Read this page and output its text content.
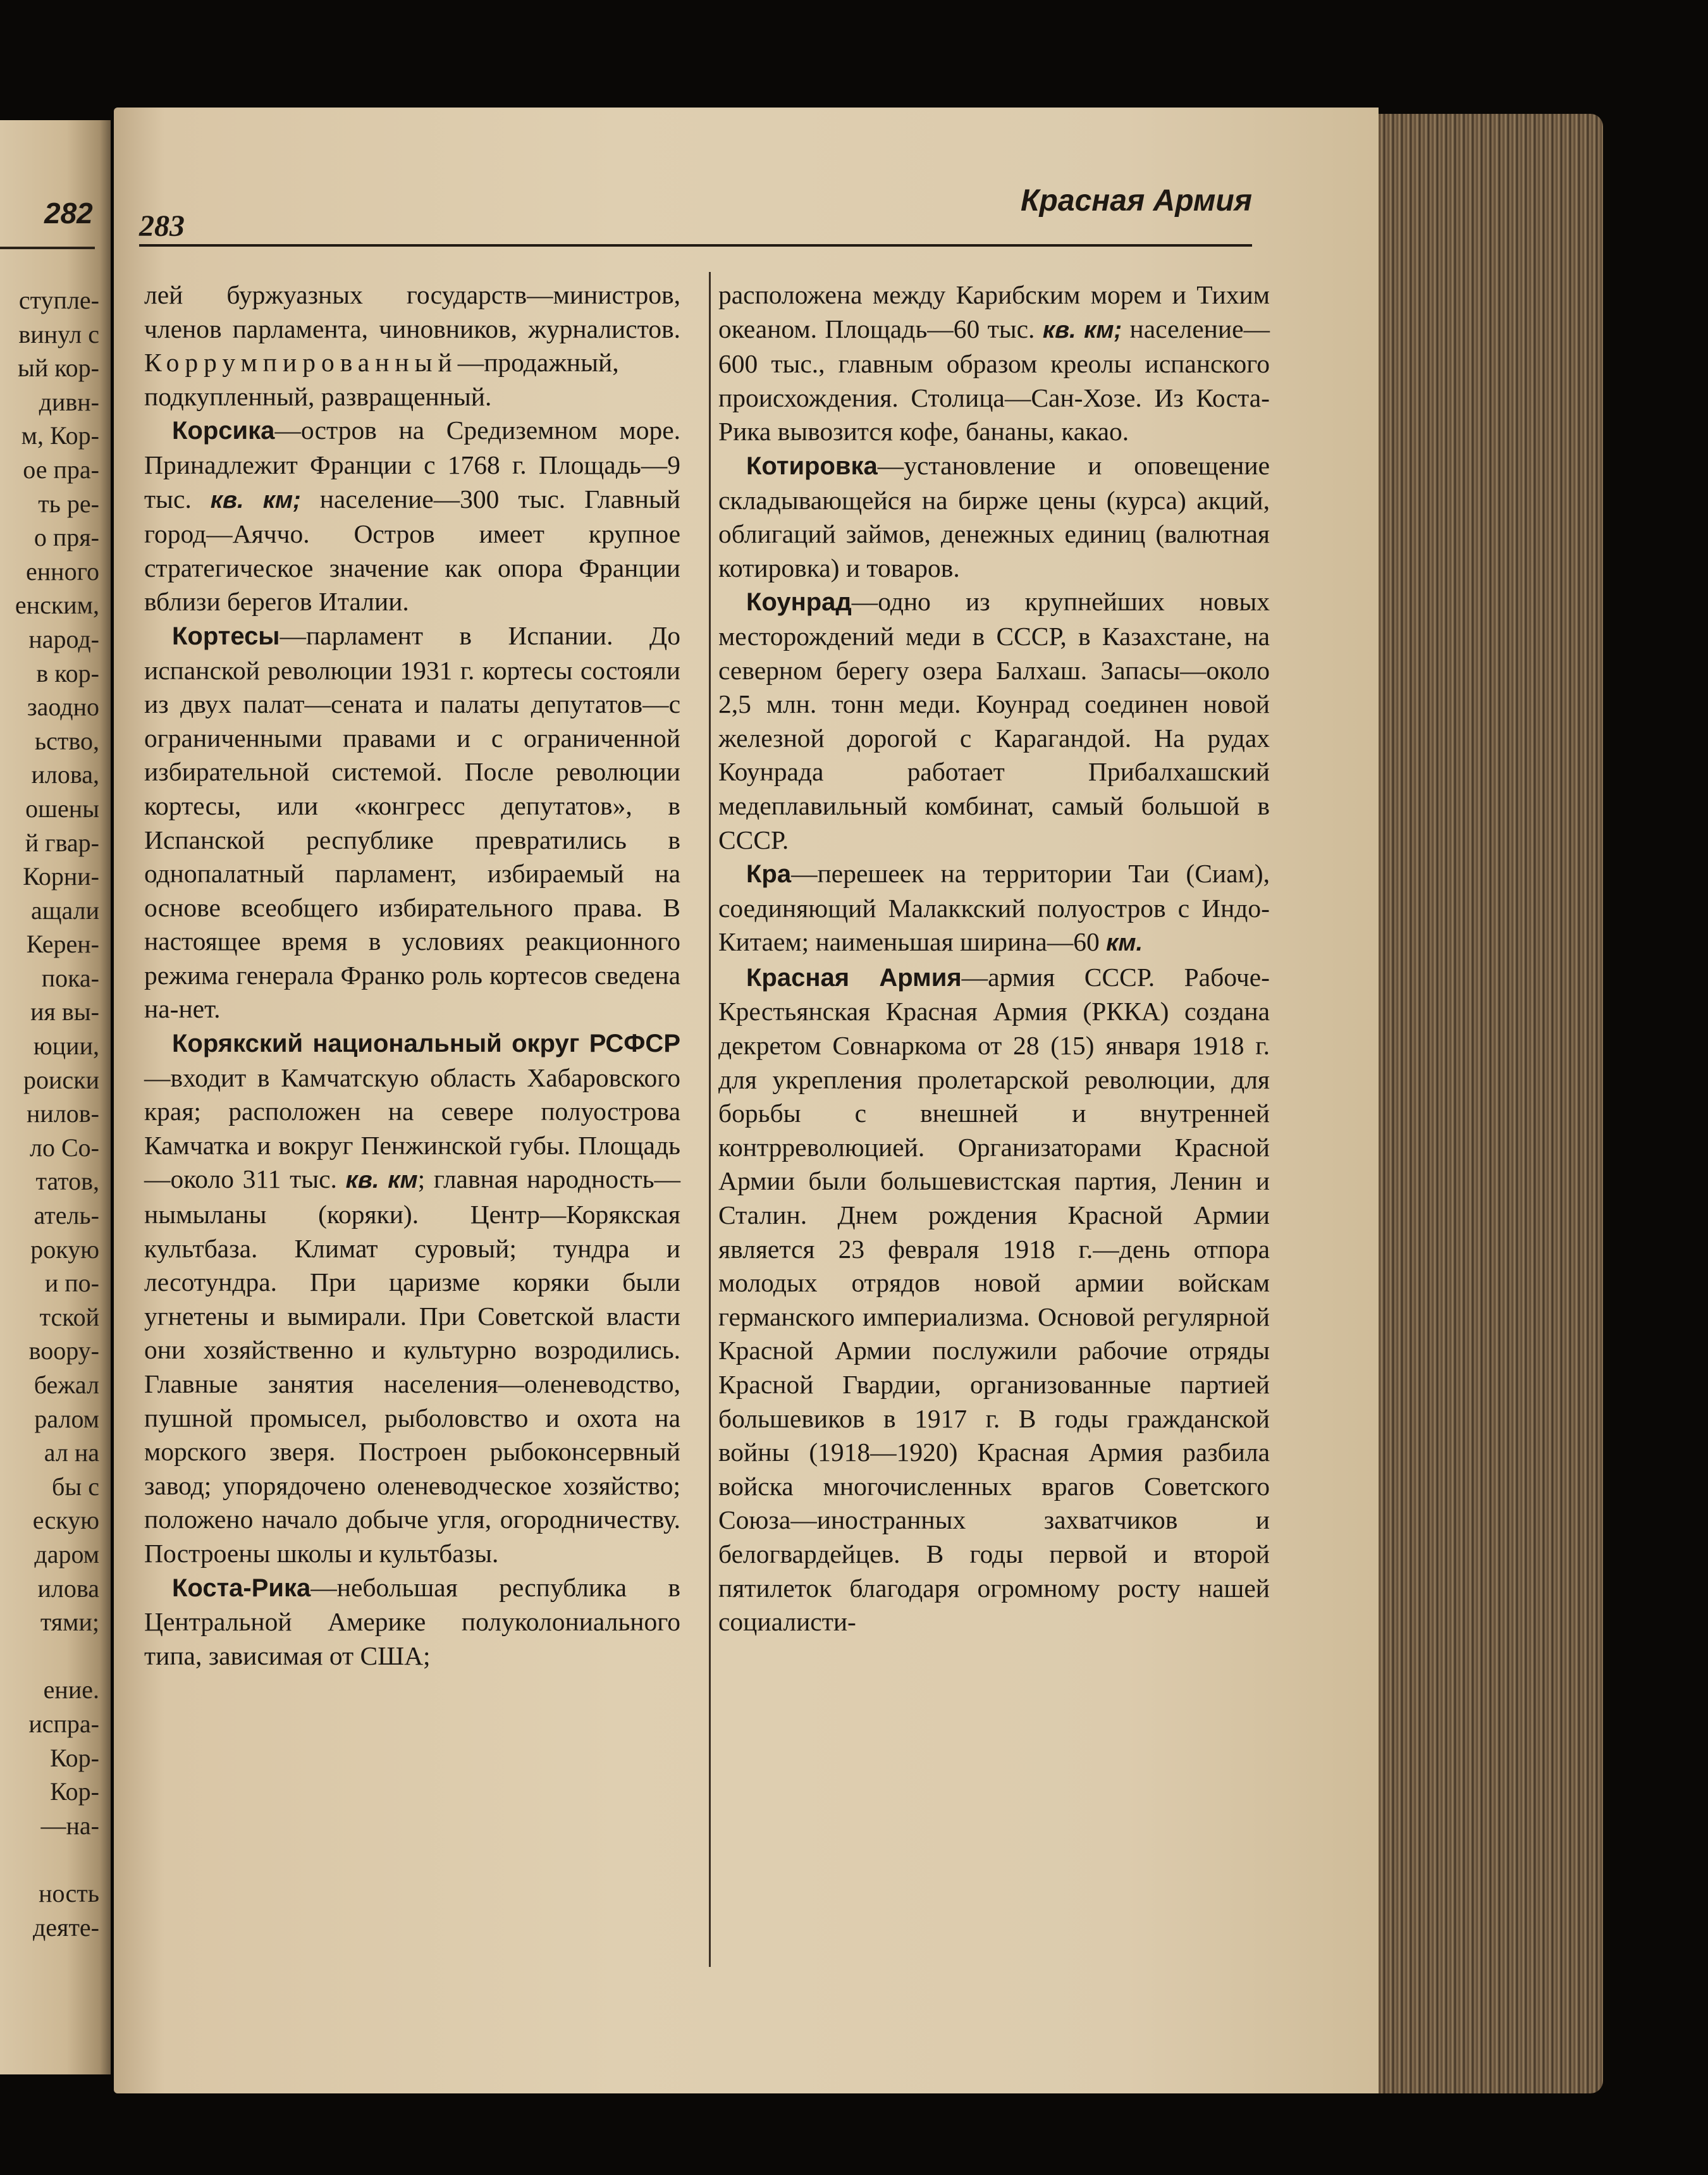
282
ступле-
винул с
ый кор-
дивн-
м, Кор-
ое пра-
ть ре-
о пря-
енного
енским,
народ-
в кор-
заодно
ьство,
илова,
ошены
й гвар-
Корни-
ащали
Керен-
пока-
ия вы-
юции,
роиски
нилов-
ло Со-
татов,
атель-
рокую
и по-
тской
воору-
бежал
ралом
ал на
бы с
ескую
даром
илова
тями;

ение.
испра-
Кор-
Кор-
—на-

ность
деяте-
283
Красная Армия

лей буржуазных государств—министров, членов парламента, чиновников, журналистов. Коррумпированный—продажный, подкупленный, развращенный.

Корсика—остров на Средиземном море. Принадлежит Франции с 1768 г. Площадь—9 тыс. кв. км; население—300 тыс. Главный город—Аяччо. Остров имеет крупное стратегическое значение как опора Франции вблизи берегов Италии.

Кортесы—парламент в Испании. До испанской революции 1931 г. кортесы состояли из двух палат—сената и палаты депутатов—с ограниченными правами и с ограниченной избирательной системой. После революции кортесы, или «конгресс депутатов», в Испанской республике превратились в однопалатный парламент, избираемый на основе всеобщего избирательного права. В настоящее время в условиях реакционного режима генерала Франко роль кортесов сведена на-нет.

Корякский национальный округ РСФСР—входит в Камчатскую область Хабаровского края; расположен на севере полуострова Камчатка и вокруг Пенжинской губы. Площадь—около 311 тыс. кв. км; главная народность—нымыланы (коряки). Центр—Корякская культбаза. Климат суровый; тундра и лесотундра. При царизме коряки были угнетены и вымирали. При Советской власти они хозяйственно и культурно возродились. Главные занятия населения—оленеводство, пушной промысел, рыболовство и охота на морского зверя. Построен рыбоконсервный завод; упорядочено оленеводческое хозяйство; положено начало добыче угля, огородничеству. Построены школы и культбазы.

Коста-Рика—небольшая республика в Центральной Америке полуколониального типа, зависимая от США;

расположена между Карибским морем и Тихим океаном. Площадь—60 тыс. кв. км; население—600 тыс., главным образом креолы испанского происхождения. Столица—Сан-Хозе. Из Коста-Рика вывозится кофе, бананы, какао.

Котировка—установление и оповещение складывающейся на бирже цены (курса) акций, облигаций займов, денежных единиц (валютная котировка) и товаров.

Коунрад—одно из крупнейших новых месторождений меди в СССР, в Казахстане, на северном берегу озера Балхаш. Запасы—около 2,5 млн. тонн меди. Коунрад соединен новой железной дорогой с Карагандой. На рудах Коунрада работает Прибалхашский медеплавильный комбинат, самый большой в СССР.

Кра—перешеек на территории Таи (Сиам), соединяющий Малаккский полуостров с Индо-Китаем; наименьшая ширина—60 км.

Красная Армия—армия СССР. Рабоче-Крестьянская Красная Армия (РККА) создана декретом Совнаркома от 28 (15) января 1918 г. для укрепления пролетарской революции, для борьбы с внешней и внутренней контрреволюцией. Организаторами Красной Армии были большевистская партия, Ленин и Сталин. Днем рождения Красной Армии является 23 февраля 1918 г.—день отпора молодых отрядов новой армии войскам германского империализма. Основой регулярной Красной Армии послужили рабочие отряды Красной Гвардии, организованные партией большевиков в 1917 г. В годы гражданской войны (1918—1920) Красная Армия разбила войска многочисленных врагов Советского Союза—иностранных захватчиков и белогвардейцев. В годы первой и второй пятилеток благодаря огромному росту нашей социалисти-
